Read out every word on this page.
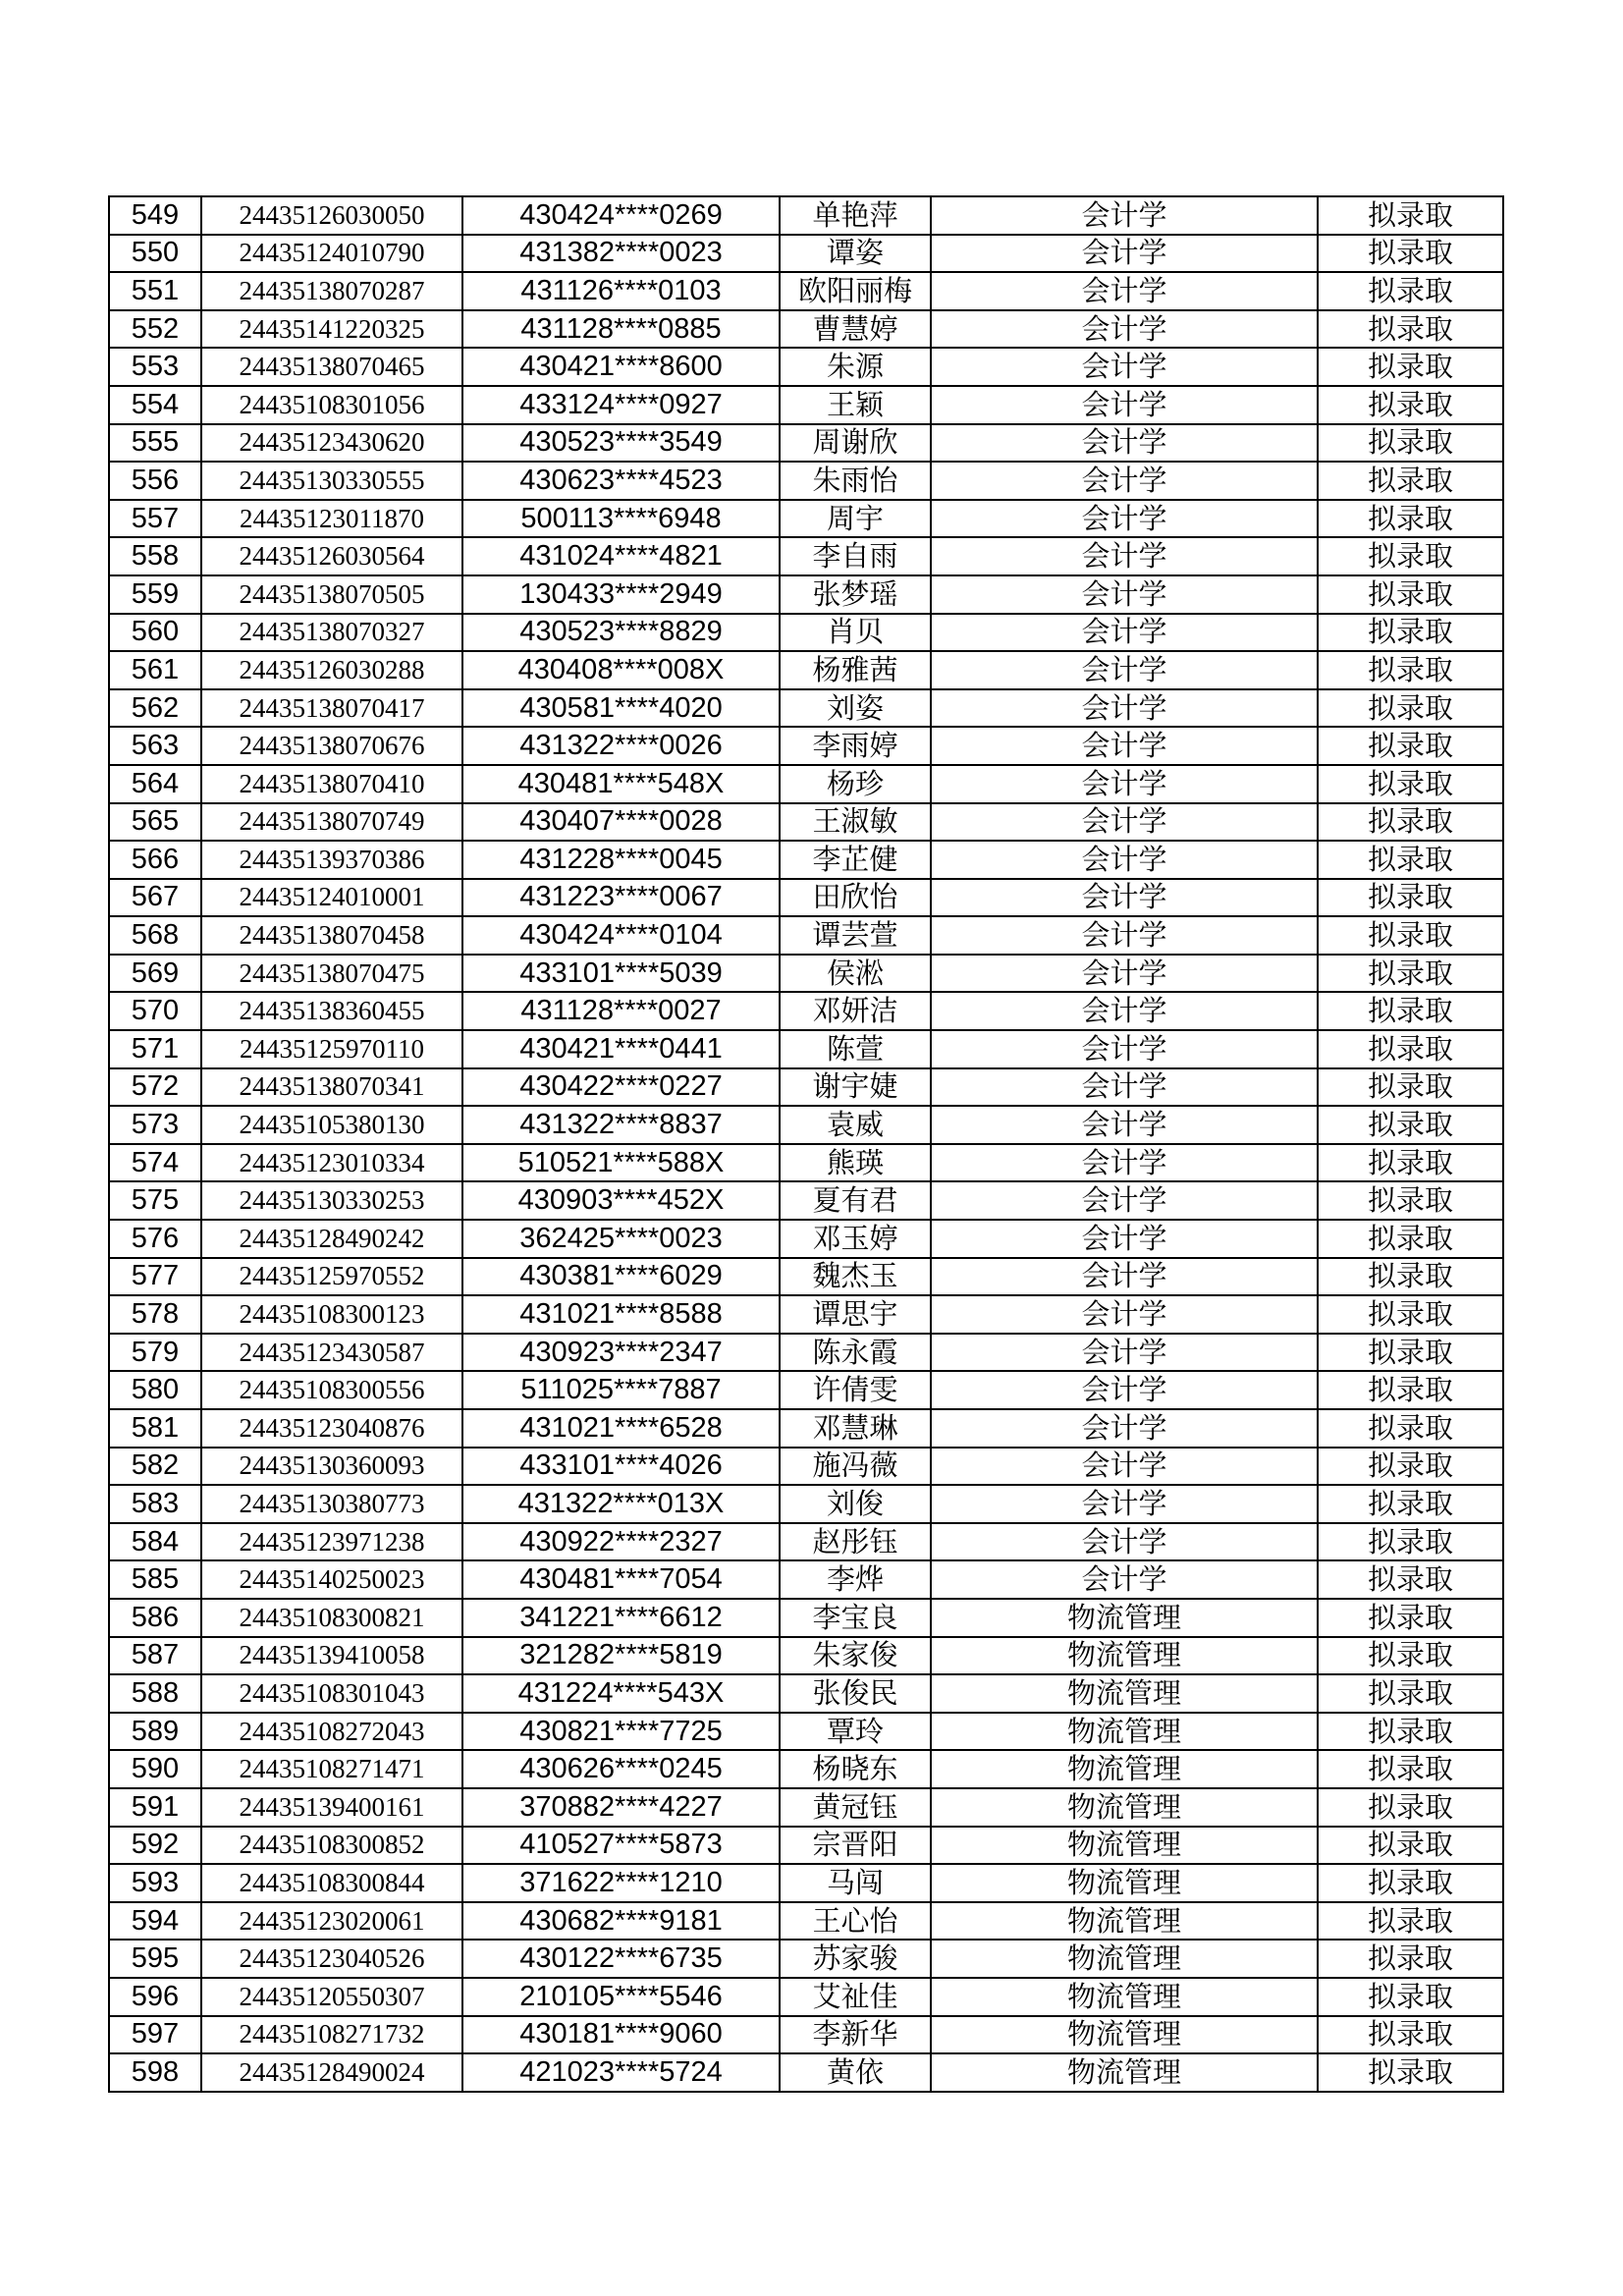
549	24435126030050	430424****0269	单艳萍	会计学	拟录取
550	24435124010790	431382****0023	谭姿	会计学	拟录取
551	24435138070287	431126****0103	欧阳丽梅	会计学	拟录取
552	24435141220325	431128****0885	曹慧婷	会计学	拟录取
553	24435138070465	430421****8600	朱源	会计学	拟录取
554	24435108301056	433124****0927	王颖	会计学	拟录取
555	24435123430620	430523****3549	周谢欣	会计学	拟录取
556	24435130330555	430623****4523	朱雨怡	会计学	拟录取
557	24435123011870	500113****6948	周宇	会计学	拟录取
558	24435126030564	431024****4821	李自雨	会计学	拟录取
559	24435138070505	130433****2949	张梦瑶	会计学	拟录取
560	24435138070327	430523****8829	肖贝	会计学	拟录取
561	24435126030288	430408****008X	杨雅茜	会计学	拟录取
562	24435138070417	430581****4020	刘姿	会计学	拟录取
563	24435138070676	431322****0026	李雨婷	会计学	拟录取
564	24435138070410	430481****548X	杨珍	会计学	拟录取
565	24435138070749	430407****0028	王淑敏	会计学	拟录取
566	24435139370386	431228****0045	李芷健	会计学	拟录取
567	24435124010001	431223****0067	田欣怡	会计学	拟录取
568	24435138070458	430424****0104	谭芸萱	会计学	拟录取
569	24435138070475	433101****5039	侯淞	会计学	拟录取
570	24435138360455	431128****0027	邓妍洁	会计学	拟录取
571	24435125970110	430421****0441	陈萱	会计学	拟录取
572	24435138070341	430422****0227	谢宇婕	会计学	拟录取
573	24435105380130	431322****8837	袁威	会计学	拟录取
574	24435123010334	510521****588X	熊瑛	会计学	拟录取
575	24435130330253	430903****452X	夏有君	会计学	拟录取
576	24435128490242	362425****0023	邓玉婷	会计学	拟录取
577	24435125970552	430381****6029	魏杰玉	会计学	拟录取
578	24435108300123	431021****8588	谭思宇	会计学	拟录取
579	24435123430587	430923****2347	陈永霞	会计学	拟录取
580	24435108300556	511025****7887	许倩雯	会计学	拟录取
581	24435123040876	431021****6528	邓慧琳	会计学	拟录取
582	24435130360093	433101****4026	施冯薇	会计学	拟录取
583	24435130380773	431322****013X	刘俊	会计学	拟录取
584	24435123971238	430922****2327	赵彤钰	会计学	拟录取
585	24435140250023	430481****7054	李烨	会计学	拟录取
586	24435108300821	341221****6612	李宝良	物流管理	拟录取
587	24435139410058	321282****5819	朱家俊	物流管理	拟录取
588	24435108301043	431224****543X	张俊民	物流管理	拟录取
589	24435108272043	430821****7725	覃玲	物流管理	拟录取
590	24435108271471	430626****0245	杨晓东	物流管理	拟录取
591	24435139400161	370882****4227	黄冠钰	物流管理	拟录取
592	24435108300852	410527****5873	宗晋阳	物流管理	拟录取
593	24435108300844	371622****1210	马闯	物流管理	拟录取
594	24435123020061	430682****9181	王心怡	物流管理	拟录取
595	24435123040526	430122****6735	苏家骏	物流管理	拟录取
596	24435120550307	210105****5546	艾祉佳	物流管理	拟录取
597	24435108271732	430181****9060	李新华	物流管理	拟录取
598	24435128490024	421023****5724	黄依	物流管理	拟录取
